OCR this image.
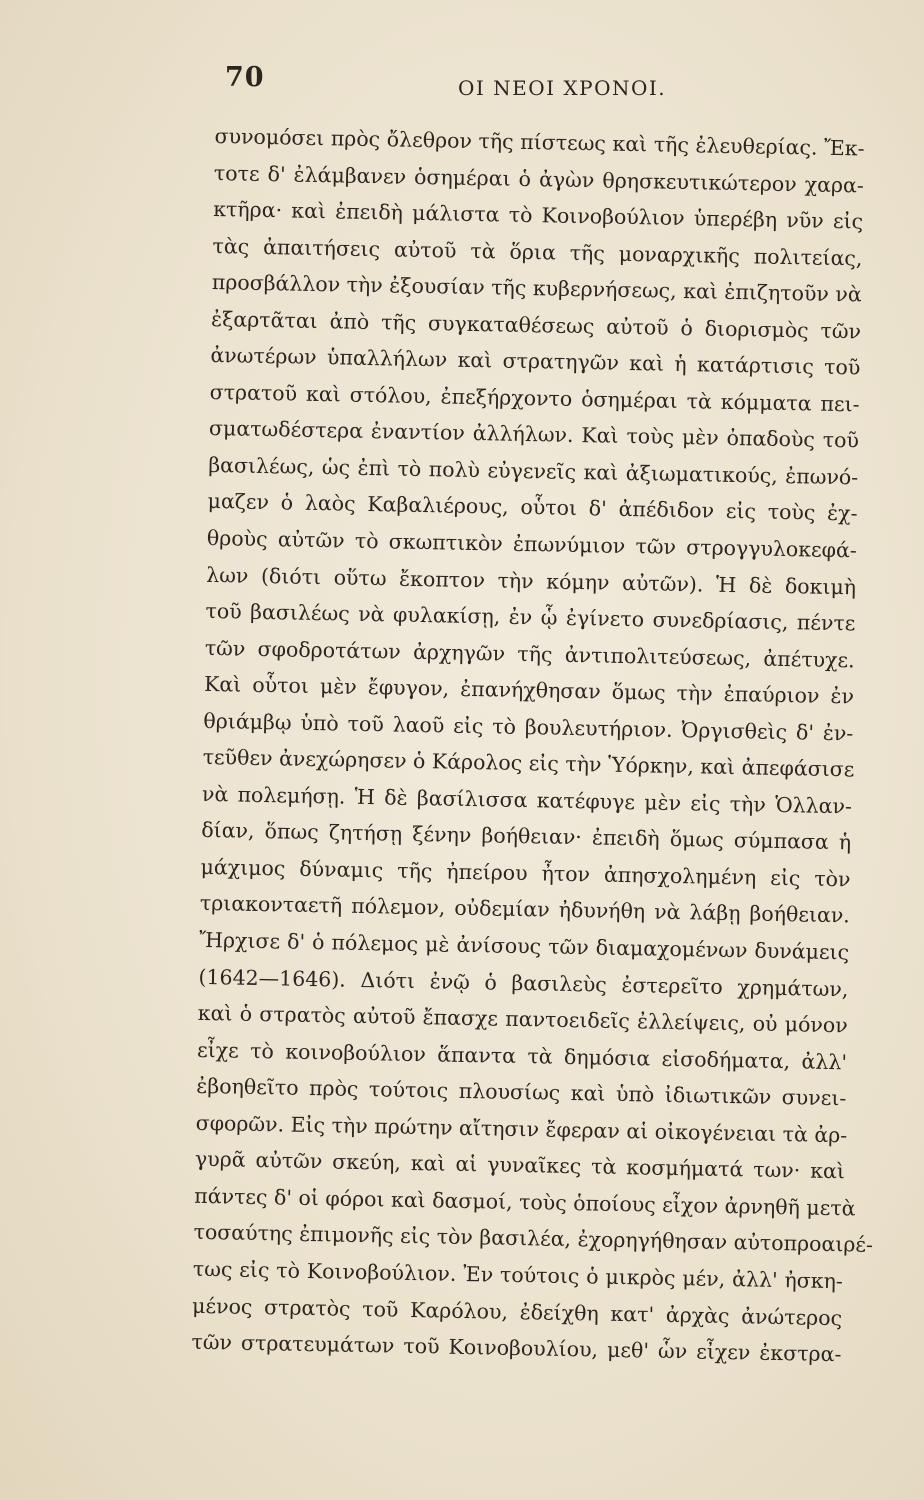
70	ΟΙ ΝΕΟΙ ΧΡΟΝΟΙ.
συνομόσει πρὸς ὄλεθρον τῆς πίστεως καὶ τῆς ἐλευθερίας. Ἔκ-
τοτε δ' ἐλάμβανεν ὁσημέραι ὁ ἀγὼν θρησκευτικώτερον χαρα-
κτῆρα· καὶ ἐπειδὴ μάλιστα τὸ Κοινοβούλιον ὑπερέβη νῦν εἰς
τὰς ἀπαιτήσεις αὐτοῦ τὰ ὅρια τῆς μοναρχικῆς πολιτείας,
προσβάλλον τὴν ἐξουσίαν τῆς κυβερνήσεως, καὶ ἐπιζητοῦν νὰ
ἐξαρτᾶται ἀπὸ τῆς συγκαταθέσεως αὐτοῦ ὁ διορισμὸς τῶν
ἀνωτέρων ὑπαλλήλων καὶ στρατηγῶν καὶ ἡ κατάρτισις τοῦ
στρατοῦ καὶ στόλου, ἐπεξήρχοντο ὁσημέραι τὰ κόμματα πει-
σματωδέστερα ἐναντίον ἀλλήλων. Καὶ τοὺς μὲν ὀπαδοὺς τοῦ
βασιλέως, ὡς ἐπὶ τὸ πολὺ εὐγενεῖς καὶ ἀξιωματικούς, ἐπωνό-
μαζεν ὁ λαὸς Καβαλιέρους, οὗτοι δ' ἀπέδιδον εἰς τοὺς ἐχ-
θροὺς αὐτῶν τὸ σκωπτικὸν ἐπωνύμιον τῶν στρογγυλοκεφά-
λων (διότι οὕτω ἔκοπτον τὴν κόμην αὐτῶν). Ἡ δὲ δοκιμὴ
τοῦ βασιλέως νὰ φυλακίσῃ, ἐν ᾧ ἐγίνετο συνεδρίασις, πέντε
τῶν σφοδροτάτων ἀρχηγῶν τῆς ἀντιπολιτεύσεως, ἀπέτυχε.
Καὶ οὗτοι μὲν ἔφυγον, ἐπανήχθησαν ὅμως τὴν ἐπαύριον ἐν
θριάμβῳ ὑπὸ τοῦ λαοῦ εἰς τὸ βουλευτήριον. Ὀργισθεὶς δ' ἐν-
τεῦθεν ἀνεχώρησεν ὁ Κάρολος εἰς τὴν Ὑόρκην, καὶ ἀπεφάσισε
νὰ πολεμήσῃ. Ἡ δὲ βασίλισσα κατέφυγε μὲν εἰς τὴν Ὁλλαν-
δίαν, ὅπως ζητήσῃ ξένην βοήθειαν· ἐπειδὴ ὅμως σύμπασα ἡ
μάχιμος δύναμις τῆς ἠπείρου ἦτον ἀπησχολημένη εἰς τὸν
τριακονταετῆ πόλεμον, οὐδεμίαν ἠδυνήθη νὰ λάβῃ βοήθειαν.
Ἤρχισε δ' ὁ πόλεμος μὲ ἀνίσους τῶν διαμαχομένων δυνάμεις
(1642—1646). Διότι ἐνῷ ὁ βασιλεὺς ἐστερεῖτο χρημάτων,
καὶ ὁ στρατὸς αὐτοῦ ἔπασχε παντοειδεῖς ἐλλείψεις, οὐ μόνον
εἶχε τὸ κοινοβούλιον ἅπαντα τὰ δημόσια εἰσοδήματα, ἀλλ'
ἐβοηθεῖτο πρὸς τούτοις πλουσίως καὶ ὑπὸ ἰδιωτικῶν συνει-
σφορῶν. Εἰς τὴν πρώτην αἴτησιν ἔφεραν αἱ οἰκογένειαι τὰ ἀρ-
γυρᾶ αὐτῶν σκεύη, καὶ αἱ γυναῖκες τὰ κοσμήματά των· καὶ
πάντες δ' οἱ φόροι καὶ δασμοί, τοὺς ὁποίους εἶχον ἀρνηθῆ μετὰ
τοσαύτης ἐπιμονῆς εἰς τὸν βασιλέα, ἐχορηγήθησαν αὐτοπροαιρέ-
τως εἰς τὸ Κοινοβούλιον. Ἐν τούτοις ὁ μικρὸς μέν, ἀλλ' ἠσκη-
μένος στρατὸς τοῦ Καρόλου, ἐδείχθη κατ' ἀρχὰς ἀνώτερος
τῶν στρατευμάτων τοῦ Κοινοβουλίου, μεθ' ὧν εἶχεν ἐκστρα-
